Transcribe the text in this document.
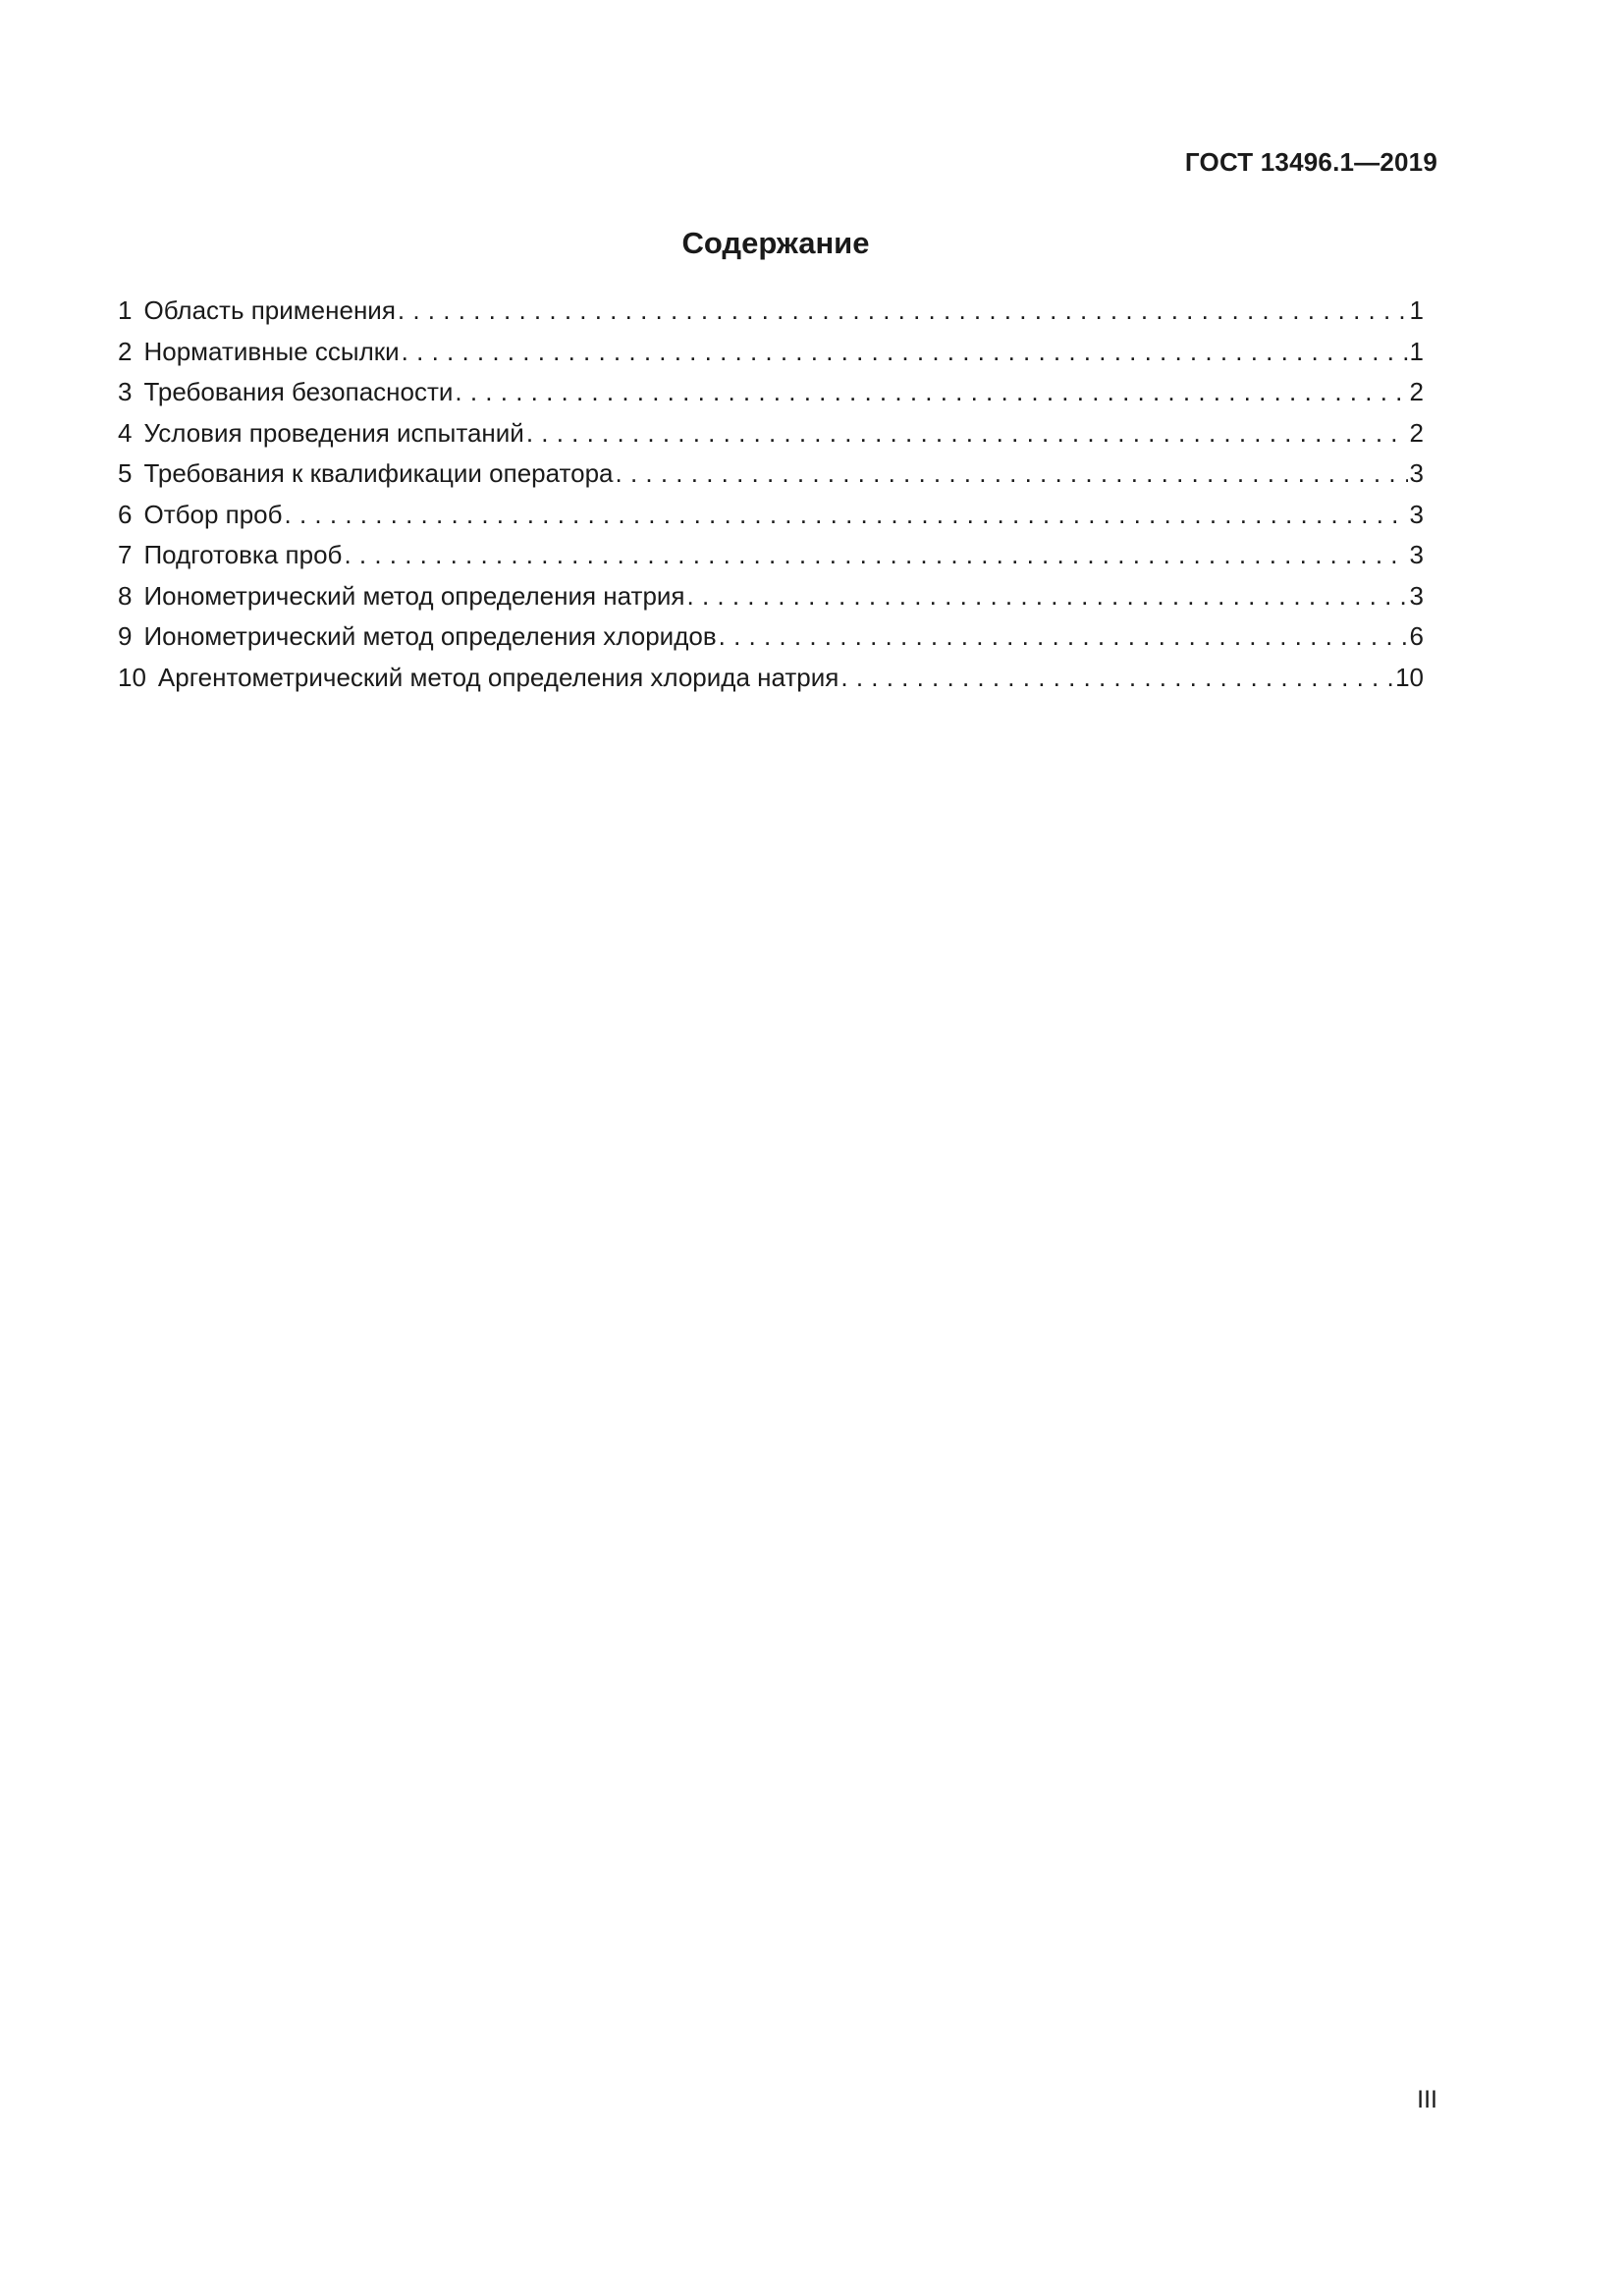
ГОСТ 13496.1—2019
Содержание
1 Область применения . . .	1
2 Нормативные ссылки . . .	1
3 Требования безопасности . . .	2
4 Условия проведения испытаний . . .	2
5 Требования к квалификации оператора . . .	3
6 Отбор проб . . .	3
7 Подготовка проб . . .	3
8 Ионометрический метод определения натрия . . .	3
9 Ионометрический метод определения хлоридов . . .	6
10 Аргентометрический метод определения хлорида натрия . . .	10
III
